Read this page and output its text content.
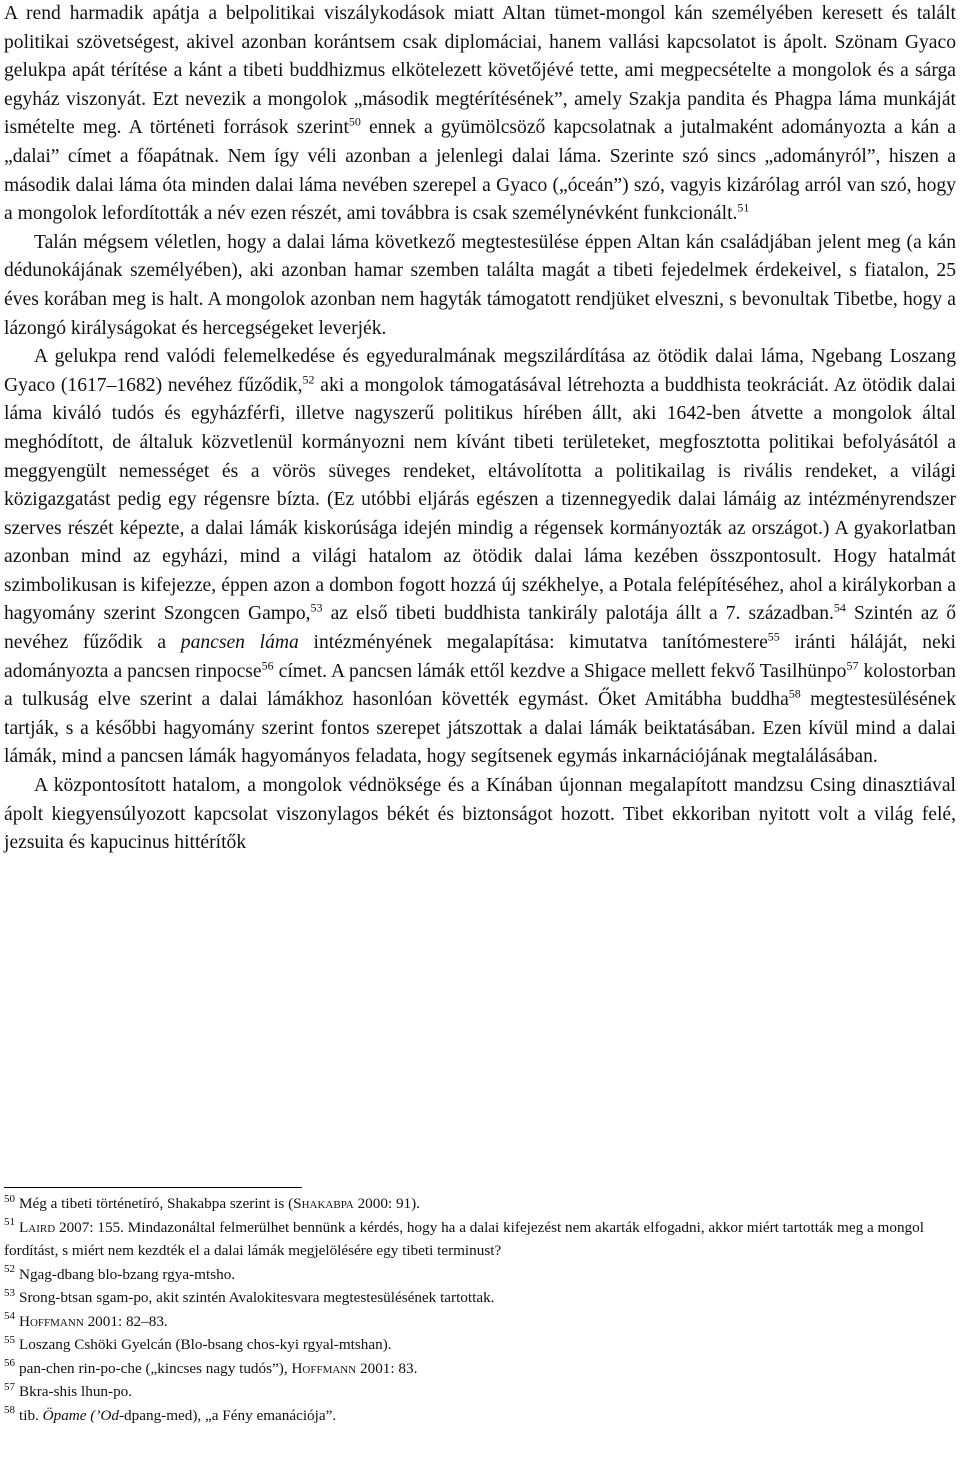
A rend harmadik apátja a belpolitikai viszálykodások miatt Altan tümet-mongol kán személyében keresett és talált politikai szövetségest, akivel azonban korántsem csak diplomáciai, hanem vallási kapcsolatot is ápolt. Szönam Gyaco gelukpa apát térítése a kánt a tibeti buddhizmus elkötelezett követőjévé tette, ami megpecsételte a mongolok és a sárga egyház viszonyát. Ezt nevezik a mongolok „második megtérítésének”, amely Szakja pandita és Phagpa láma munkáját ismételte meg. A történeti források szerint$^{50}$ ennek a gyümölcsöző kapcsolatnak a jutalmaként adományozta a kán a „dalai” címet a főapátnak. Nem így véli azonban a jelenlegi dalai láma. Szerinte szó sincs „adományról”, hiszen a második dalai láma óta minden dalai láma nevében szerepel a Gyaco („óceán”) szó, vagyis kizárólag arról van szó, hogy a mongolok lefordították a név ezen részét, ami továbbra is csak személynévként funkcionált.$^{51}$

Talán mégsem véletlen, hogy a dalai láma következő megtestesülése éppen Altan kán családjában jelent meg (a kán dédunokájának személyében), aki azonban hamar szemben találta magát a tibeti fejedelmek érdekeivel, s fiatalon, 25 éves korában meg is halt. A mongolok azonban nem hagyták támogatott rendjüket elveszni, s bevonultak Tibetbe, hogy a lázongó királyságokat és hercegségeket leverjék.

A gelukpa rend valódi felemelkedése és egyeduralmának megszilárdítása az ötödik dalai láma, Ngebang Loszang Gyaco (1617–1682) nevéhez fűződik,$^{52}$ aki a mongolok támogatásával létrehozta a buddhista teokráciát. Az ötödik dalai láma kiváló tudós és egyházférfi, illetve nagyszerű politikus hírében állt, aki 1642-ben átvette a mongolok által meghódított, de általuk közvetlenül kormányozni nem kívánt tibeti területeket, megfosztotta politikai befolyásától a meggyengült nemességet és a vörös süveges rendeket, eltávolította a politikailag is rivális rendeket, a világi közigazgatást pedig egy régensre bízta. (Ez utóbbi eljárás egészen a tizennegyedik dalai lámáig az intézményrendszer szerves részét képezte, a dalai lámák kiskorúsága idején mindig a régensek kormányozták az országot.) A gyakorlatban azonban mind az egyházi, mind a világi hatalom az ötödik dalai láma kezében összpontosult. Hogy hatalmát szimbolikusan is kifejezze, éppen azon a dombon fogott hozzá új székhelye, a Potala felépítéséhez, ahol a királykorban a hagyomány szerint Szongcen Gampo,$^{53}$ az első tibeti buddhista tankirály palotája állt a 7. században.$^{54}$ Szintén az ő nevéhez fűződik a pancsen láma intézményének megalapítása: kimutatva tanítómestere$^{55}$ iránti háláját, neki adományozta a pancsen rinpocse$^{56}$ címet. A pancsen lámák ettől kezdve a Shigace mellett fekvő Tasilhünpo$^{57}$ kolostorban a tulkuság elve szerint a dalai lámákhoz hasonlóan követték egymást. Őket Amitábha buddha$^{58}$ megtestesülésének tartják, s a későbbi hagyomány szerint fontos szerepet játszottak a dalai lámák beiktatásában. Ezen kívül mind a dalai lámák, mind a pancsen lámák hagyományos feladata, hogy segítsenek egymás inkarnációjának megtalálásában.

A központosított hatalom, a mongolok védnöksége és a Kínában újonnan megalapított mandzsu Csing dinasztiával ápolt kiegyensúlyozott kapcsolat viszonylagos békét és biztonságot hozott. Tibet ekkoriban nyitott volt a világ felé, jezsuita és kapucinus hittérítők

$^{50}$ Még a tibeti történetíró, Shakabpa szerint is (Shakabpa 2000: 91).

$^{51}$ Laird 2007: 155. Mindazonáltal felmerülhet bennünk a kérdés, hogy ha a dalai kifejezést nem akarták elfogadni, akkor miért tartották meg a mongol fordítást, s miért nem kezdték el a dalai lámák megjelölésére egy tibeti terminust?

$^{52}$ Ngag-dbang blo-bzang rgya-mtsho.

$^{53}$ Srong-btsan sgam-po, akit szintén Avalokitesvara megtestesülésének tartottak.

$^{54}$ Hoffmann 2001: 82–83.

$^{55}$ Loszang Cshöki Gyelcán (Blo-bsang chos-kyi rgyal-mtshan).

$^{56}$ pan-chen rin-po-che („kincses nagy tudós”), Hoffmann 2001: 83.

$^{57}$ Bkra-shis lhun-po.

$^{58}$ tib. Öpame (’Od-dpang-med), „a Fény emanációja”.
